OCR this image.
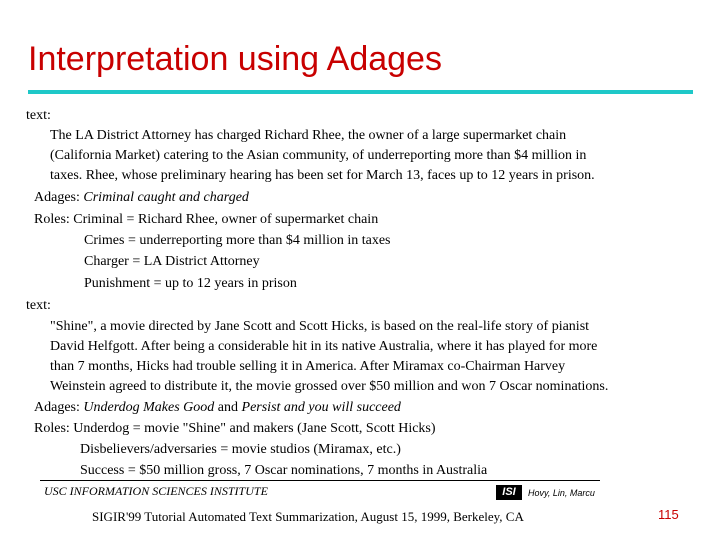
Interpretation using Adages
text:
The LA District Attorney has charged Richard Rhee, the owner of a large supermarket chain
(California Market) catering to the Asian community, of underreporting more than $4 million in
taxes. Rhee, whose preliminary hearing has been set for March 13, faces up to 12 years in prison.
Adages: Criminal caught and charged
Roles: Criminal = Richard Rhee, owner of supermarket chain
Crimes = underreporting more than $4 million in taxes
Charger = LA District Attorney
Punishment = up to 12 years in prison
text:
"Shine", a movie directed by Jane Scott and Scott Hicks, is based on the real-life story of pianist
David Helfgott. After being a considerable hit in its native Australia, where it has played for more
than 7 months, Hicks had trouble selling it in America. After Miramax co-Chairman Harvey
Weinstein agreed to distribute it, the movie grossed over $50 million and won 7 Oscar nominations.
Adages: Underdog Makes Good and Persist and you will succeed
Roles: Underdog = movie "Shine" and makers (Jane Scott, Scott Hicks)
Disbelievers/adversaries = movie studios (Miramax, etc.)
Success = $50 million gross, 7 Oscar nominations, 7 months in Australia
USC INFORMATION SCIENCES INSTITUTE	ISI	Hovy, Lin, Marcu
SIGIR'99 Tutorial Automated Text Summarization, August 15, 1999, Berkeley, CA	115
